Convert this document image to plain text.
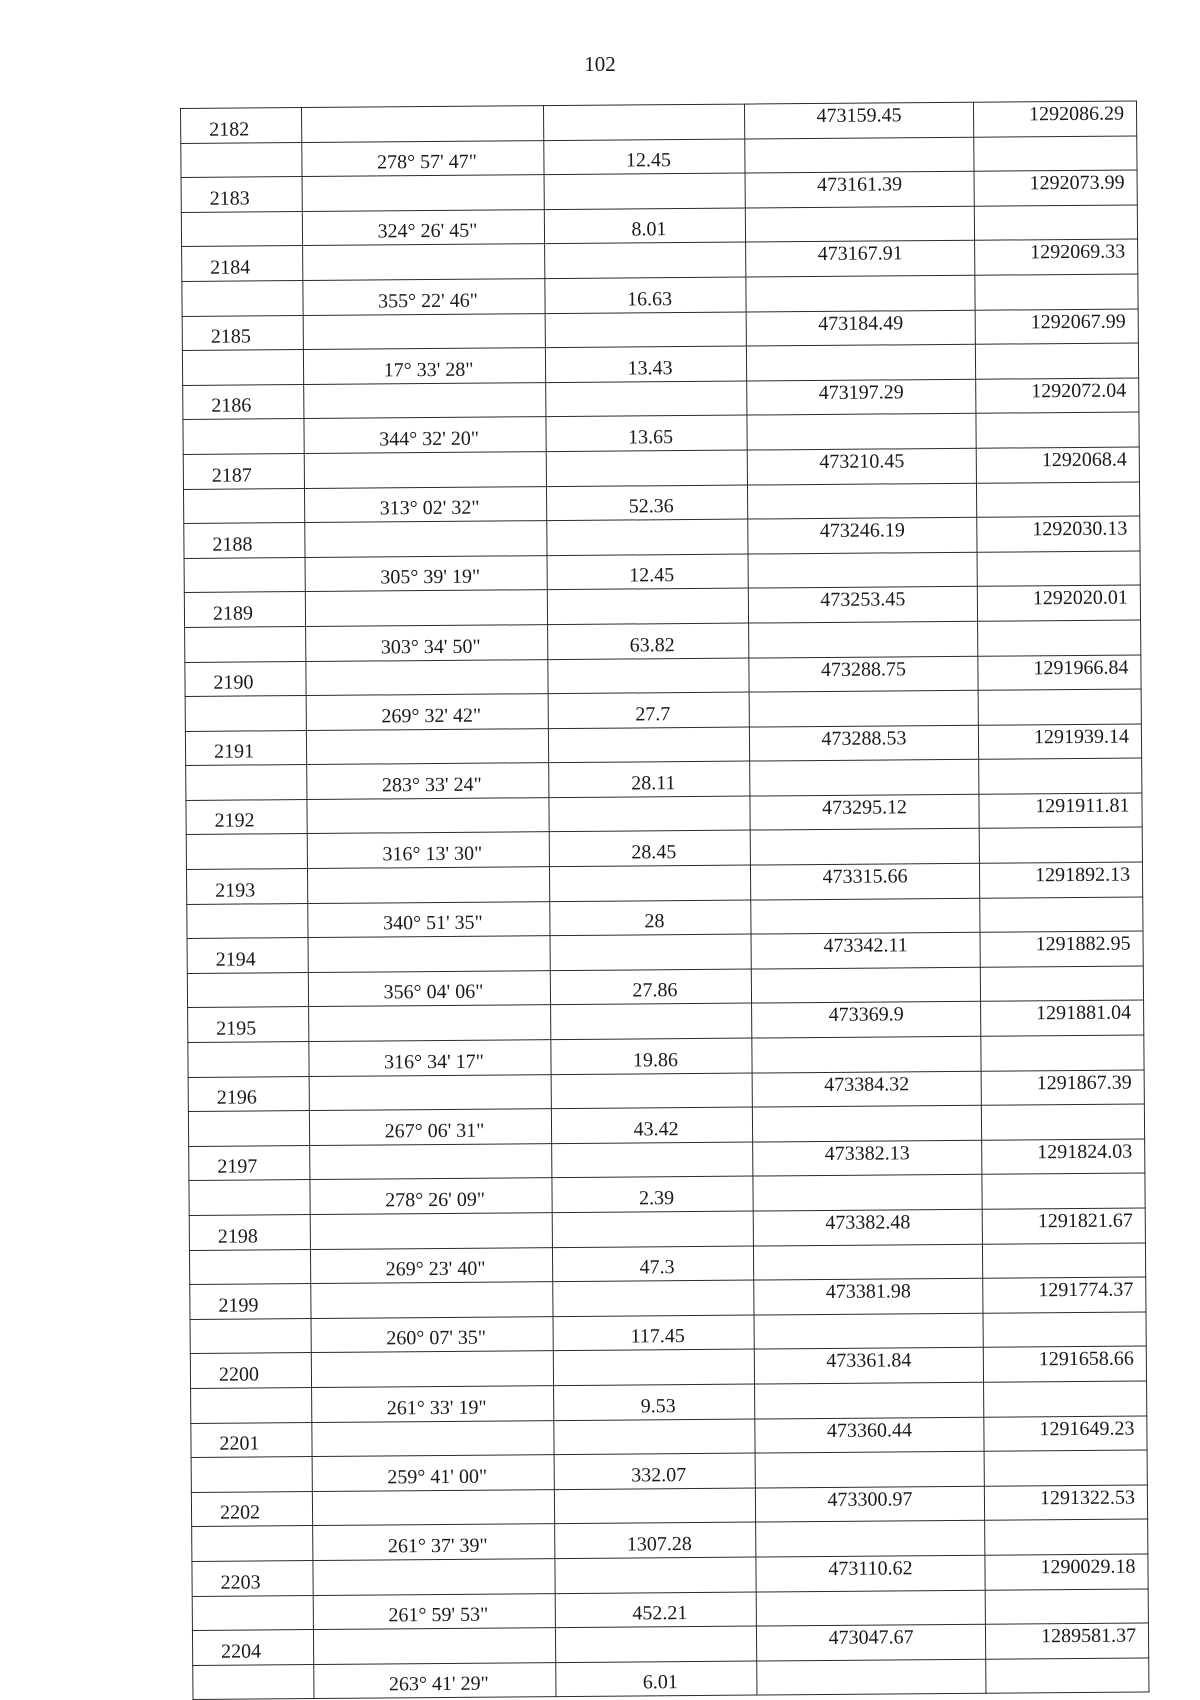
102
2182			473159.45	1292086.29
	278° 57' 47"	12.45		
2183			473161.39	1292073.99
	324° 26' 45"	8.01		
2184			473167.91	1292069.33
	355° 22' 46"	16.63		
2185			473184.49	1292067.99
	17° 33' 28"	13.43		
2186			473197.29	1292072.04
	344° 32' 20"	13.65		
2187			473210.45	1292068.4
	313° 02' 32"	52.36		
2188			473246.19	1292030.13
	305° 39' 19"	12.45		
2189			473253.45	1292020.01
	303° 34' 50"	63.82		
2190			473288.75	1291966.84
	269° 32' 42"	27.7		
2191			473288.53	1291939.14
	283° 33' 24"	28.11		
2192			473295.12	1291911.81
	316° 13' 30"	28.45		
2193			473315.66	1291892.13
	340° 51' 35"	28		
2194			473342.11	1291882.95
	356° 04' 06"	27.86		
2195			473369.9	1291881.04
	316° 34' 17"	19.86		
2196			473384.32	1291867.39
	267° 06' 31"	43.42		
2197			473382.13	1291824.03
	278° 26' 09"	2.39		
2198			473382.48	1291821.67
	269° 23' 40"	47.3		
2199			473381.98	1291774.37
	260° 07' 35"	117.45		
2200			473361.84	1291658.66
	261° 33' 19"	9.53		
2201			473360.44	1291649.23
	259° 41' 00"	332.07		
2202			473300.97	1291322.53
	261° 37' 39"	1307.28		
2203			473110.62	1290029.18
	261° 59' 53"	452.21		
2204			473047.67	1289581.37
	263° 41' 29"	6.01		
